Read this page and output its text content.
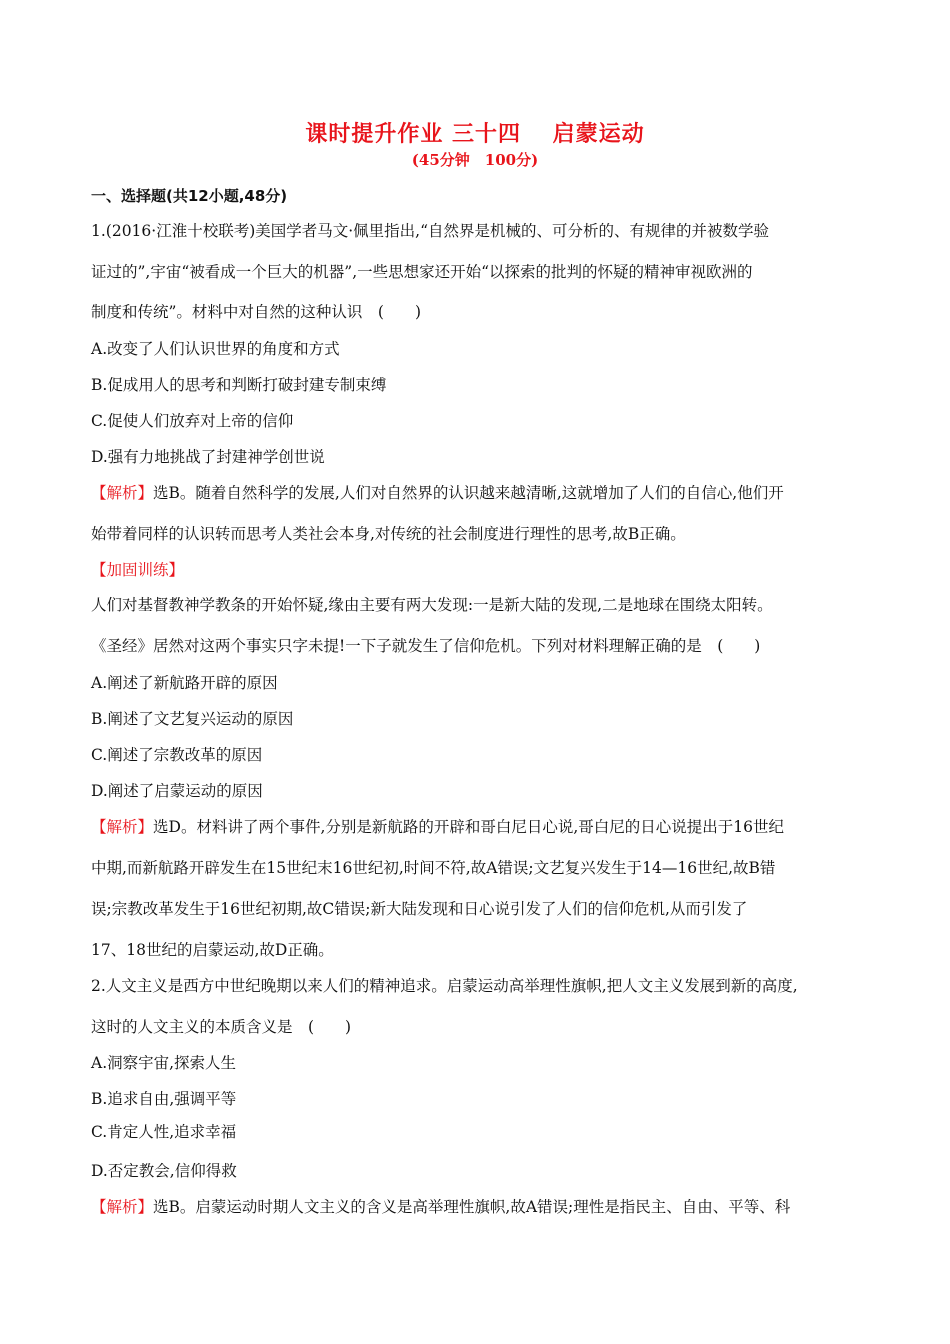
课时提升作业 三十四　 启蒙运动
(45分钟　100分)
一、选择题(共12小题,48分)
1.(2016·江淮十校联考)美国学者马文·佩里指出,“自然界是机械的、可分析的、有规律的并被数学验
证过的”,宇宙“被看成一个巨大的机器”,一些思想家还开始“以探索的批判的怀疑的精神审视欧洲的
制度和传统”。材料中对自然的这种认识　(　　)
A.改变了人们认识世界的角度和方式
B.促成用人的思考和判断打破封建专制束缚
C.促使人们放弃对上帝的信仰
D.强有力地挑战了封建神学创世说
【解析】选B。随着自然科学的发展,人们对自然界的认识越来越清晰,这就增加了人们的自信心,他们开
始带着同样的认识转而思考人类社会本身,对传统的社会制度进行理性的思考,故B正确。
【加固训练】
人们对基督教神学教条的开始怀疑,缘由主要有两大发现:一是新大陆的发现,二是地球在围绕太阳转。
《圣经》居然对这两个事实只字未提!一下子就发生了信仰危机。下列对材料理解正确的是　(　　)
A.阐述了新航路开辟的原因
B.阐述了文艺复兴运动的原因
C.阐述了宗教改革的原因
D.阐述了启蒙运动的原因
【解析】选D。材料讲了两个事件,分别是新航路的开辟和哥白尼日心说,哥白尼的日心说提出于16世纪
中期,而新航路开辟发生在15世纪末16世纪初,时间不符,故A错误;文艺复兴发生于14—16世纪,故B错
误;宗教改革发生于16世纪初期,故C错误;新大陆发现和日心说引发了人们的信仰危机,从而引发了
17、18世纪的启蒙运动,故D正确。
2.人文主义是西方中世纪晚期以来人们的精神追求。启蒙运动高举理性旗帜,把人文主义发展到新的高度,
这时的人文主义的本质含义是　(　　)
A.洞察宇宙,探索人生
B.追求自由,强调平等
C.肯定人性,追求幸福
D.否定教会,信仰得救
【解析】选B。启蒙运动时期人文主义的含义是高举理性旗帜,故A错误;理性是指民主、自由、平等、科
